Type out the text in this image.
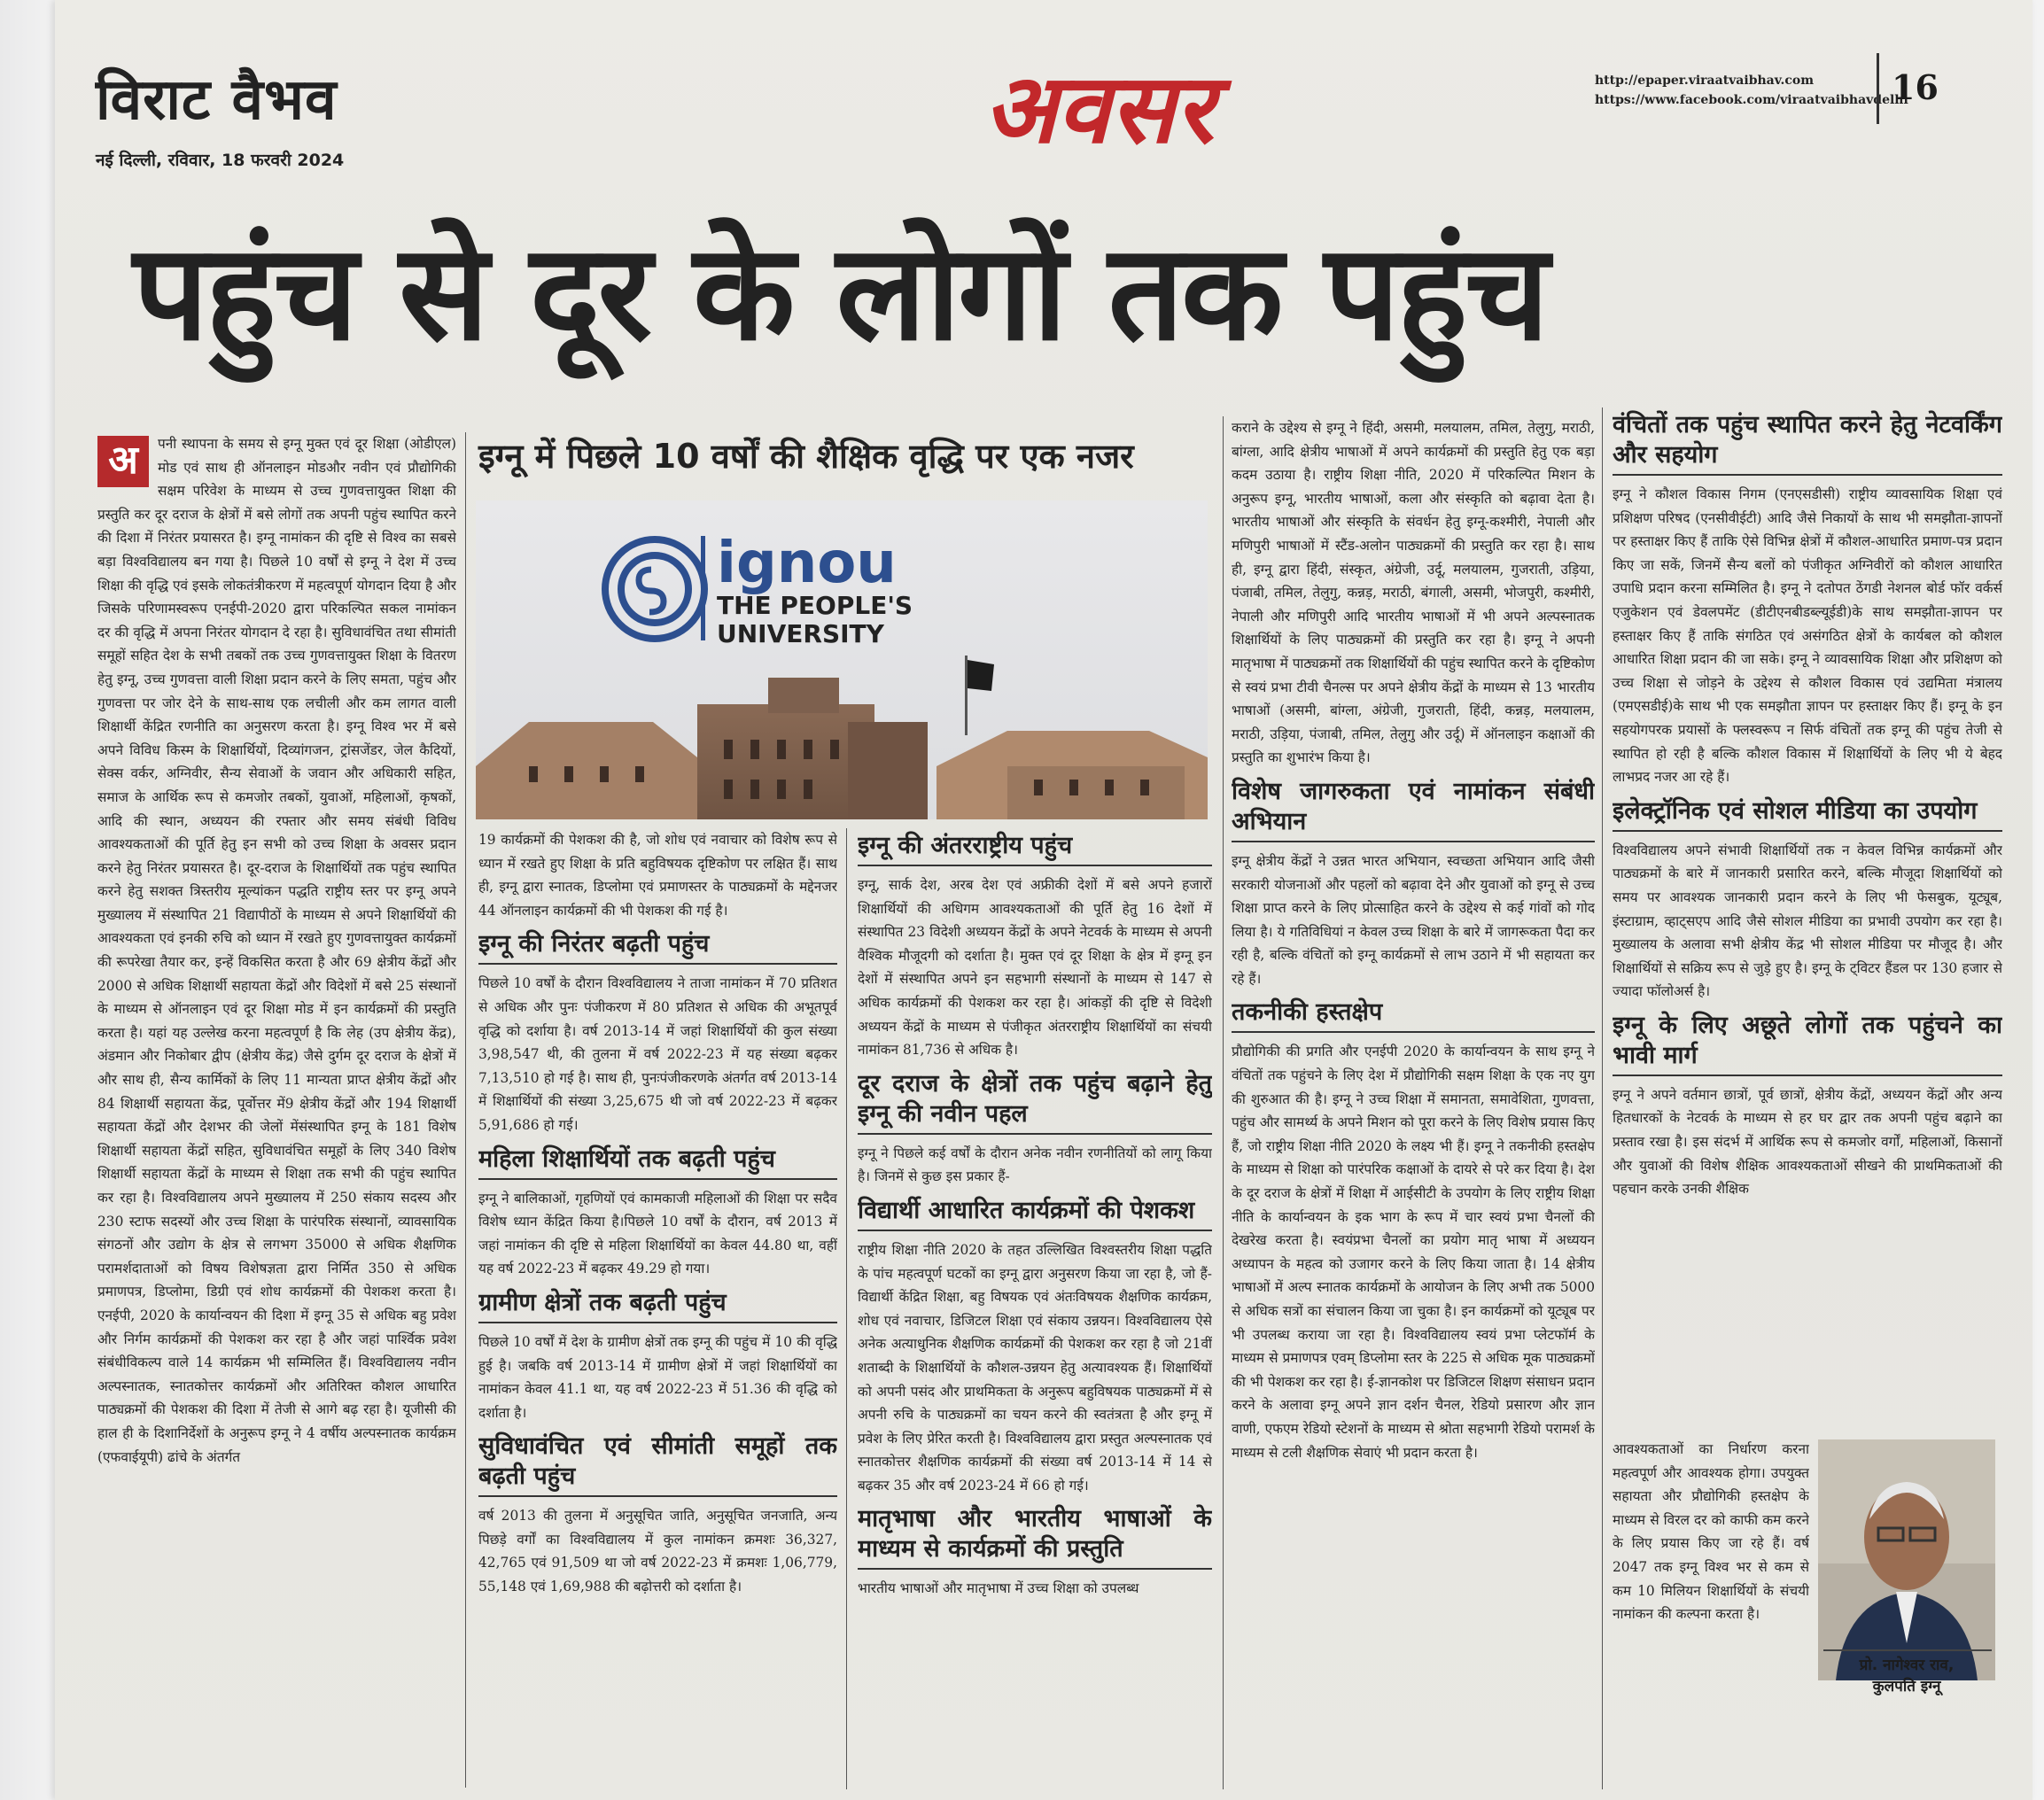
विराट वैभव
नई दिल्ली, रविवार, 18 फरवरी 2024	अवसर	http://epaper.viraatvaibhav.com
https://www.facebook.com/viraatvaibhavdelhi
16
पहुंच से दूर के लोगों तक पहुंच
अ	पनी स्थापना के समय से इग्नू मुक्त एवं दूर शिक्षा (ओडीएल) मोड एवं साथ ही ऑनलाइन मोडऔर नवीन एवं प्रौद्योगिकी सक्षम परिवेश के माध्यम से उच्च गुणवत्तायुक्त शिक्षा की प्रस्तुति कर दूर दराज के क्षेत्रों में बसे लोगों तक अपनी पहुंच स्थापित करने की दिशा में निरंतर प्रयासरत है। इग्नू नामांकन की दृष्टि से विश्व का सबसे बड़ा विश्वविद्यालय बन गया है। पिछले 10 वर्षों से इग्नू ने देश में उच्च शिक्षा की वृद्धि एवं इसके लोकतंत्रीकरण में महत्वपूर्ण योगदान दिया है और जिसके परिणामस्वरूप एनईपी-2020 द्वारा परिकल्पित सकल नामांकन दर की वृद्धि में अपना निरंतर योगदान दे रहा है। सुविधावंचित तथा सीमांती समूहों सहित देश के सभी तबकों तक उच्च गुणवत्तायुक्त शिक्षा के वितरण हेतु इग्नू, उच्च गुणवत्ता वाली शिक्षा प्रदान करने के लिए समता, पहुंच और गुणवत्ता पर जोर देने के साथ-साथ एक लचीली और कम लागत वाली शिक्षार्थी केंद्रित रणनीति का अनुसरण करता है। इग्नू विश्व भर में बसे अपने विविध किस्म के शिक्षार्थियों, दिव्यांगजन, ट्रांसजेंडर, जेल कैदियों, सेक्स वर्कर, अग्निवीर, सैन्य सेवाओं के जवान और अधिकारी सहित, समाज के आर्थिक रूप से कमजोर तबकों, युवाओं, महिलाओं, कृषकों, आदि की स्थान, अध्ययन की रफ्तार और समय संबंधी विविध आवश्यकताओं की पूर्ति हेतु इन सभी को उच्च शिक्षा के अवसर प्रदान करने हेतु निरंतर प्रयासरत है। दूर-दराज के शिक्षार्थियों तक पहुंच स्थापित करने हेतु सशक्त त्रिस्तरीय मूल्यांकन पद्धति राष्ट्रीय स्तर पर इग्नू अपने मुख्यालय में संस्थापित 21 विद्यापीठों के माध्यम से अपने शिक्षार्थियों की आवश्यकता एवं इनकी रुचि को ध्यान में रखते हुए गुणवत्तायुक्त कार्यक्रमों की रूपरेखा तैयार कर, इन्हें विकसित करता है और 69 क्षेत्रीय केंद्रों और 2000 से अधिक शिक्षार्थी सहायता केंद्रों और विदेशों में बसे 25 संस्थानों के माध्यम से ऑनलाइन एवं दूर शिक्षा मोड में इन कार्यक्रमों की प्रस्तुति करता है। यहां यह उल्लेख करना महत्वपूर्ण है कि लेह (उप क्षेत्रीय केंद्र), अंडमान और निकोबार द्वीप (क्षेत्रीय केंद्र) जैसे दुर्गम दूर दराज के क्षेत्रों में और साथ ही, सैन्य कार्मिकों के लिए 11 मान्यता प्राप्त क्षेत्रीय केंद्रों और 84 शिक्षार्थी सहायता केंद्र, पूर्वोत्तर में9 क्षेत्रीय केंद्रों और 194 शिक्षार्थी सहायता केंद्रों और देशभर की जेलों मेंसंस्थापित इग्नू के 181 विशेष शिक्षार्थी सहायता केंद्रों सहित, सुविधावंचित समूहों के लिए 340 विशेष शिक्षार्थी सहायता केंद्रों के माध्यम से शिक्षा तक सभी की पहुंच स्थापित कर रहा है। विश्वविद्यालय अपने मुख्यालय में 250 संकाय सदस्य और 230 स्टाफ सदस्यों और उच्च शिक्षा के पारंपरिक संस्थानों, व्यावसायिक संगठनों और उद्योग के क्षेत्र से लगभग 35000 से अधिक शैक्षणिक परामर्शदाताओं को विषय विशेषज्ञता द्वारा निर्मित 350 से अधिक प्रमाणपत्र, डिप्लोमा, डिग्री एवं शोध कार्यक्रमों की पेशकश करता है। एनईपी, 2020 के कार्यान्वयन की दिशा में इग्नू 35 से अधिक बहु प्रवेश और निर्गम कार्यक्रमों की पेशकश कर रहा है और जहां पार्श्विक प्रवेश संबंधीविकल्प वाले 14 कार्यक्रम भी सम्मिलित हैं। विश्वविद्यालय नवीन अल्पस्नातक, स्नातकोत्तर कार्यक्रमों और अतिरिक्त कौशल आधारित पाठ्यक्रमों की पेशकश की दिशा में तेजी से आगे बढ़ रहा है। यूजीसी की हाल ही के दिशानिर्देशों के अनुरूप इग्नू ने 4 वर्षीय अल्पस्नातक कार्यक्रम (एफवाईयूपी) ढांचे के अंतर्गत
इग्नू में पिछले 10 वर्षों की शैक्षिक वृद्धि पर एक नजर
ignou
THE PEOPLE'S
UNIVERSITY
19 कार्यक्रमों की पेशकश की है, जो शोध एवं नवाचार को विशेष रूप से ध्यान में रखते हुए शिक्षा के प्रति बहुविषयक दृष्टिकोण पर लक्षित हैं। साथ ही, इग्नू द्वारा स्नातक, डिप्लोमा एवं प्रमाणस्तर के पाठ्यक्रमों के मद्देनजर 44 ऑनलाइन कार्यक्रमों की भी पेशकश की गई है।
इग्नू की निरंतर बढ़ती पहुंच
पिछले 10 वर्षों के दौरान विश्वविद्यालय ने ताजा नामांकन में 70 प्रतिशत से अधिक और पुनः पंजीकरण में 80 प्रतिशत से अधिक की अभूतपूर्व वृद्धि को दर्शाया है। वर्ष 2013-14 में जहां शिक्षार्थियों की कुल संख्या 3,98,547 थी, की तुलना में वर्ष 2022-23 में यह संख्या बढ़कर 7,13,510 हो गई है। साथ ही, पुनःपंजीकरणके अंतर्गत वर्ष 2013-14 में शिक्षार्थियों की संख्या 3,25,675 थी जो वर्ष 2022-23 में बढ़कर 5,91,686 हो गई।
महिला शिक्षार्थियों तक बढ़ती पहुंच
इग्नू ने बालिकाओं, गृहणियों एवं कामकाजी महिलाओं की शिक्षा पर सदैव विशेष ध्यान केंद्रित किया है।पिछले 10 वर्षों के दौरान, वर्ष 2013 में जहां नामांकन की दृष्टि से महिला शिक्षार्थियों का केवल 44.80 था, वहीं यह वर्ष 2022-23 में बढ़कर 49.29 हो गया।
ग्रामीण क्षेत्रों तक बढ़ती पहुंच
पिछले 10 वर्षों में देश के ग्रामीण क्षेत्रों तक इग्नू की पहुंच में 10 की वृद्धि हुई है। जबकि वर्ष 2013-14 में ग्रामीण क्षेत्रों में जहां शिक्षार्थियों का नामांकन केवल 41.1 था, यह वर्ष 2022-23 में 51.36 की वृद्धि को दर्शाता है।
सुविधावंचित एवं सीमांती समूहों तक बढ़ती पहुंच
वर्ष 2013 की तुलना में अनुसूचित जाति, अनुसूचित जनजाति, अन्य पिछड़े वर्गों का विश्वविद्यालय में कुल नामांकन क्रमशः 36,327, 42,765 एवं 91,509 था जो वर्ष 2022-23 में क्रमशः 1,06,779, 55,148 एवं 1,69,988 की बढ़ोत्तरी को दर्शाता है।
इग्नू की अंतरराष्ट्रीय पहुंच
इग्नू, सार्क देश, अरब देश एवं अफ्रीकी देशों में बसे अपने हजारों शिक्षार्थियों की अधिगम आवश्यकताओं की पूर्ति हेतु 16 देशों में संस्थापित 23 विदेशी अध्ययन केंद्रों के अपने नेटवर्क के माध्यम से अपनी वैश्विक मौजूदगी को दर्शाता है। मुक्त एवं दूर शिक्षा के क्षेत्र में इग्नू इन देशों में संस्थापित अपने इन सहभागी संस्थानों के माध्यम से 147 से अधिक कार्यक्रमों की पेशकश कर रहा है। आंकड़ों की दृष्टि से विदेशी अध्ययन केंद्रों के माध्यम से पंजीकृत अंतरराष्ट्रीय शिक्षार्थियों का संचयी नामांकन 81,736 से अधिक है।
दूर दराज के क्षेत्रों तक पहुंच बढ़ाने हेतु इग्नू की नवीन पहल
इग्नू ने पिछले कई वर्षों के दौरान अनेक नवीन रणनीतियों को लागू किया है। जिनमें से कुछ इस प्रकार हैं-
विद्यार्थी आधारित कार्यक्रमों की पेशकश
राष्ट्रीय शिक्षा नीति 2020 के तहत उल्लिखित विश्वस्तरीय शिक्षा पद्धति के पांच महत्वपूर्ण घटकों का इग्नू द्वारा अनुसरण किया जा रहा है, जो हैं- विद्यार्थी केंद्रित शिक्षा, बहु विषयक एवं अंतःविषयक शैक्षणिक कार्यक्रम, शोध एवं नवाचार, डिजिटल शिक्षा एवं संकाय उन्नयन। विश्वविद्यालय ऐसे अनेक अत्याधुनिक शैक्षणिक कार्यक्रमों की पेशकश कर रहा है जो 21वीं शताब्दी के शिक्षार्थियों के कौशल-उन्नयन हेतु अत्यावश्यक हैं। शिक्षार्थियों को अपनी पसंद और प्राथमिकता के अनुरूप बहुविषयक पाठ्यक्रमों में से अपनी रुचि के पाठ्यक्रमों का चयन करने की स्वतंत्रता है और इग्नू में प्रवेश के लिए प्रेरित करती है। विश्वविद्यालय द्वारा प्रस्तुत अल्पस्नातक एवं स्नातकोत्तर शैक्षणिक कार्यक्रमों की संख्या वर्ष 2013-14 में 14 से बढ़कर 35 और वर्ष 2023-24 में 66 हो गई।
मातृभाषा और भारतीय भाषाओं के माध्यम से कार्यक्रमों की प्रस्तुति
भारतीय भाषाओं और मातृभाषा में उच्च शिक्षा को उपलब्ध
कराने के उद्देश्य से इग्नू ने हिंदी, असमी, मलयालम, तमिल, तेलुगु, मराठी, बांग्ला, आदि क्षेत्रीय भाषाओं में अपने कार्यक्रमों की प्रस्तुति हेतु एक बड़ा कदम उठाया है। राष्ट्रीय शिक्षा नीति, 2020 में परिकल्पित मिशन के अनुरूप इग्नू, भारतीय भाषाओं, कला और संस्कृति को बढ़ावा देता है। भारतीय भाषाओं और संस्कृति के संवर्धन हेतु इग्नू-कश्मीरी, नेपाली और मणिपुरी भाषाओं में स्टैंड-अलोन पाठ्यक्रमों की प्रस्तुति कर रहा है। साथ ही, इग्नू द्वारा हिंदी, संस्कृत, अंग्रेजी, उर्दू, मलयालम, गुजराती, उड़िया, पंजाबी, तमिल, तेलुगु, कन्नड़, मराठी, बंगाली, असमी, भोजपुरी, कश्मीरी, नेपाली और मणिपुरी आदि भारतीय भाषाओं में भी अपने अल्पस्नातक शिक्षार्थियों के लिए पाठ्यक्रमों की प्रस्तुति कर रहा है। इग्नू ने अपनी मातृभाषा में पाठ्यक्रमों तक शिक्षार्थियों की पहुंच स्थापित करने के दृष्टिकोण से स्वयं प्रभा टीवी चैनल्स पर अपने क्षेत्रीय केंद्रों के माध्यम से 13 भारतीय भाषाओं (असमी, बांग्ला, अंग्रेजी, गुजराती, हिंदी, कन्नड़, मलयालम, मराठी, उड़िया, पंजाबी, तमिल, तेलुगु और उर्दू) में ऑनलाइन कक्षाओं की प्रस्तुति का शुभारंभ किया है।
विशेष जागरुकता एवं नामांकन संबंधी अभियान
इग्नू क्षेत्रीय केंद्रों ने उन्नत भारत अभियान, स्वच्छता अभियान आदि जैसी सरकारी योजनाओं और पहलों को बढ़ावा देने और युवाओं को इग्नू से उच्च शिक्षा प्राप्त करने के लिए प्रोत्साहित करने के उद्देश्य से कई गांवों को गोद लिया है। ये गतिविधियां न केवल उच्च शिक्षा के बारे में जागरूकता पैदा कर रही है, बल्कि वंचितों को इग्नू कार्यक्रमों से लाभ उठाने में भी सहायता कर रहे हैं।
तकनीकी हस्तक्षेप
प्रौद्योगिकी की प्रगति और एनईपी 2020 के कार्यान्वयन के साथ इग्नू ने वंचितों तक पहुंचने के लिए देश में प्रौद्योगिकी सक्षम शिक्षा के एक नए युग की शुरुआत की है। इग्नू ने उच्च शिक्षा में समानता, समावेशिता, गुणवत्ता, पहुंच और सामर्थ्य के अपने मिशन को पूरा करने के लिए विशेष प्रयास किए हैं, जो राष्ट्रीय शिक्षा नीति 2020 के लक्ष्य भी हैं। इग्नू ने तकनीकी हस्तक्षेप के माध्यम से शिक्षा को पारंपरिक कक्षाओं के दायरे से परे कर दिया है। देश के दूर दराज के क्षेत्रों में शिक्षा में आईसीटी के उपयोग के लिए राष्ट्रीय शिक्षा नीति के कार्यान्वयन के इक भाग के रूप में चार स्वयं प्रभा चैनलों की देखरेख करता है। स्वयंप्रभा चैनलों का प्रयोग मातृ भाषा में अध्ययन अध्यापन के महत्व को उजागर करने के लिए किया जाता है। 14 क्षेत्रीय भाषाओं में अल्प स्नातक कार्यक्रमों के आयोजन के लिए अभी तक 5000 से अधिक सत्रों का संचालन किया जा चुका है। इन कार्यक्रमों को यूट्यूब पर भी उपलब्ध कराया जा रहा है। विश्वविद्यालय स्वयं प्रभा प्लेटफॉर्म के माध्यम से प्रमाणपत्र एवम् डिप्लोमा स्तर के 225 से अधिक मूक पाठ्यक्रमों की भी पेशकश कर रहा है। ई-ज्ञानकोश पर डिजिटल शिक्षण संसाधन प्रदान करने के अलावा इग्नू अपने ज्ञान दर्शन चैनल, रेडियो प्रसारण और ज्ञान वाणी, एफएम रेडियो स्टेशनों के माध्यम से श्रोता सहभागी रेडियो परामर्श के माध्यम से टली शैक्षणिक सेवाएं भी प्रदान करता है।
वंचितों तक पहुंच स्थापित करने हेतु नेटवर्किंग और सहयोग
इग्नू ने कौशल विकास निगम (एनएसडीसी) राष्ट्रीय व्यावसायिक शिक्षा एवं प्रशिक्षण परिषद (एनसीवीईटी) आदि जैसे निकायों के साथ भी समझौता-ज्ञापनों पर हस्ताक्षर किए हैं ताकि ऐसे विभिन्न क्षेत्रों में कौशल-आधारित प्रमाण-पत्र प्रदान किए जा सकें, जिनमें सैन्य बलों को पंजीकृत अग्निवीरों को कौशल आधारित उपाधि प्रदान करना सम्मिलित है। इग्नू ने दतोपत ठेंगडी नेशनल बोर्ड फॉर वर्कर्स एजुकेशन एवं डेवलपमेंट (डीटीएनबीडब्ल्यूईडी)के साथ समझौता-ज्ञापन पर हस्ताक्षर किए हैं ताकि संगठित एवं असंगठित क्षेत्रों के कार्यबल को कौशल आधारित शिक्षा प्रदान की जा सके। इग्नू ने व्यावसायिक शिक्षा और प्रशिक्षण को उच्च शिक्षा से जोड़ने के उद्देश्य से कौशल विकास एवं उद्यमिता मंत्रालय (एमएसडीई)के साथ भी एक समझौता ज्ञापन पर हस्ताक्षर किए हैं। इग्नू के इन सहयोगपरक प्रयासों के फ्लस्वरूप न सिर्फ वंचितों तक इग्नू की पहुंच तेजी से स्थापित हो रही है बल्कि कौशल विकास में शिक्षार्थियों के लिए भी ये बेहद लाभप्रद नजर आ रहे हैं।
इलेक्ट्रॉनिक एवं सोशल मीडिया का उपयोग
विश्वविद्यालय अपने संभावी शिक्षार्थियों तक न केवल विभिन्न कार्यक्रमों और पाठ्यक्रमों के बारे में जानकारी प्रसारित करने, बल्कि मौजूदा शिक्षार्थियों को समय पर आवश्यक जानकारी प्रदान करने के लिए भी फेसबुक, यूट्यूब, इंस्टाग्राम, व्हाट्सएप आदि जैसे सोशल मीडिया का प्रभावी उपयोग कर रहा है। मुख्यालय के अलावा सभी क्षेत्रीय केंद्र भी सोशल मीडिया पर मौजूद है। और शिक्षार्थियों से सक्रिय रूप से जुड़े हुए है। इग्नू के ट्विटर हैंडल पर 130 हजार से ज्यादा फॉलोअर्स है।
इग्नू के लिए अछूते लोगों तक पहुंचने का भावी मार्ग
इग्नू ने अपने वर्तमान छात्रों, पूर्व छात्रों, क्षेत्रीय केंद्रों, अध्ययन केंद्रों और अन्य हितधारकों के नेटवर्क के माध्यम से हर घर द्वार तक अपनी पहुंच बढ़ाने का प्रस्ताव रखा है। इस संदर्भ में आर्थिक रूप से कमजोर वर्गों, महिलाओं, किसानों और युवाओं की विशेष शैक्षिक आवश्यकताओं सीखने की प्राथमिकताओं की पहचान करके उनकी शैक्षिक
आवश्यकताओं का निर्धारण करना महत्वपूर्ण और आवश्यक होगा। उपयुक्त सहायता और प्रौद्योगिकी हस्तक्षेप के माध्यम से विरल दर को काफी कम करने के लिए प्रयास किए जा रहे हैं। वर्ष 2047 तक इग्नू विश्व भर से कम से कम 10 मिलियन शिक्षार्थियों के संचयी नामांकन की कल्पना करता है।
प्रो. नागेश्वर राव,
कुलपति इग्नू
